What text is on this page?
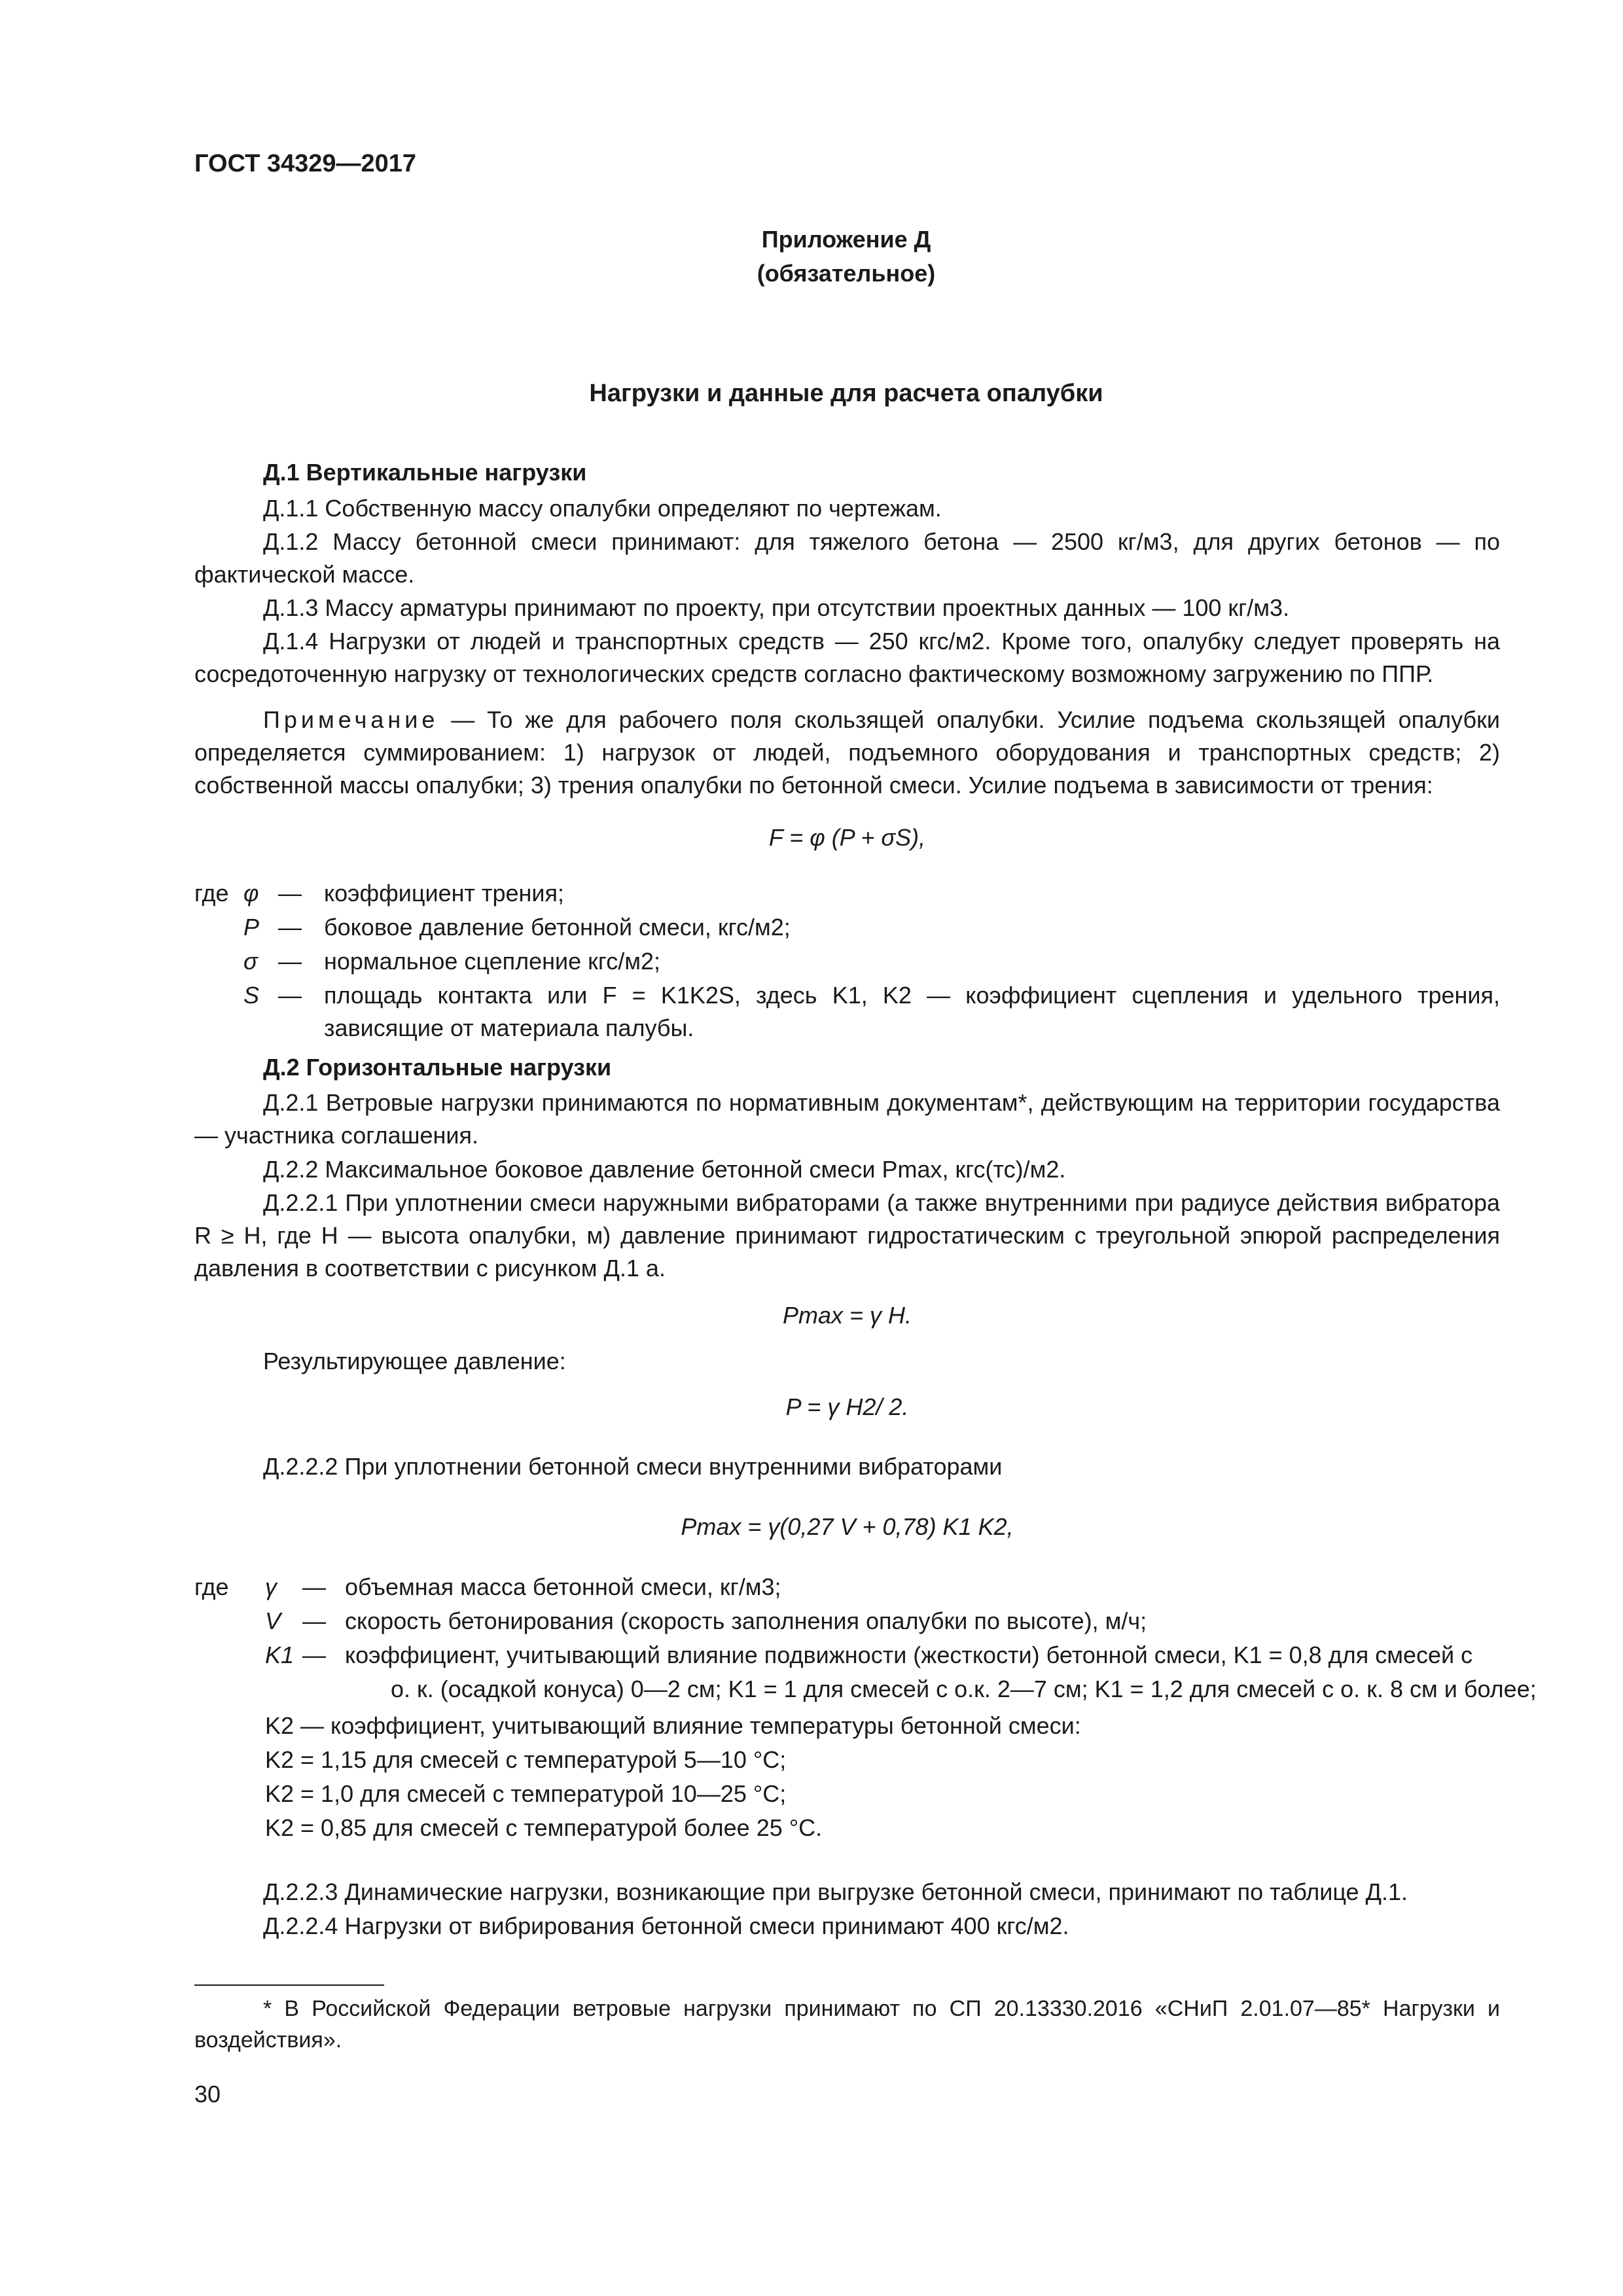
ГОСТ 34329—2017
Приложение Д
(обязательное)
Нагрузки и данные для расчета опалубки
Д.1 Вертикальные нагрузки
Д.1.1 Собственную массу опалубки определяют по чертежам.
Д.1.2 Массу бетонной смеси принимают: для тяжелого бетона — 2500 кг/м3, для других бетонов — по фактической массе.
Д.1.3 Массу арматуры принимают по проекту, при отсутствии проектных данных — 100 кг/м3.
Д.1.4 Нагрузки от людей и транспортных средств — 250 кгс/м2. Кроме того, опалубку следует проверять на сосредоточенную нагрузку от технологических средств согласно фактическому возможному загружению по ППР.
Примечание — То же для рабочего поля скользящей опалубки. Усилие подъема скользящей опалубки определяется суммированием: 1) нагрузок от людей, подъемного оборудования и транспортных средств; 2) собственной массы опалубки; 3) трения опалубки по бетонной смеси. Усилие подъема в зависимости от трения:
F = φ (P + σS),
где φ — коэффициент трения;
P — боковое давление бетонной смеси, кгс/м2;
σ — нормальное сцепление кгс/м2;
S — площадь контакта или F = K1K2S, здесь K1, K2 — коэффициент сцепления и удельного трения, зависящие от материала палубы.
Д.2 Горизонтальные нагрузки
Д.2.1 Ветровые нагрузки принимаются по нормативным документам*, действующим на территории государства — участника соглашения.
Д.2.2 Максимальное боковое давление бетонной смеси Pmax, кгс(тс)/м2.
Д.2.2.1 При уплотнении смеси наружными вибраторами (а также внутренними при радиусе действия вибратора R ≥ H, где H — высота опалубки, м) давление принимают гидростатическим с треугольной эпюрой распределения давления в соответствии с рисунком Д.1 а.
Pmax = γ H.
Результирующее давление:
P = γ H2/ 2.
Д.2.2.2 При уплотнении бетонной смеси внутренними вибраторами
Pmax = γ(0,27 V + 0,78) K1 K2,
где γ — объемная масса бетонной смеси, кг/м3;
V — скорость бетонирования (скорость заполнения опалубки по высоте), м/ч;
K1 — коэффициент, учитывающий влияние подвижности (жесткости) бетонной смеси, K1 = 0,8 для смесей с
о. к. (осадкой конуса) 0—2 см; K1 = 1 для смесей с о.к. 2—7 см; K1 = 1,2 для смесей с о. к. 8 см и более;
K2 — коэффициент, учитывающий влияние температуры бетонной смеси:
K2 = 1,15 для смесей с температурой 5—10 °С;
K2 = 1,0 для смесей с температурой 10—25 °С;
K2 = 0,85 для смесей с температурой более 25 °С.
Д.2.2.3 Динамические нагрузки, возникающие при выгрузке бетонной смеси, принимают по таблице Д.1.
Д.2.2.4 Нагрузки от вибрирования бетонной смеси принимают 400 кгс/м2.
* В Российской Федерации ветровые нагрузки принимают по СП 20.13330.2016 «СНиП 2.01.07—85* Нагрузки и воздействия».
30
